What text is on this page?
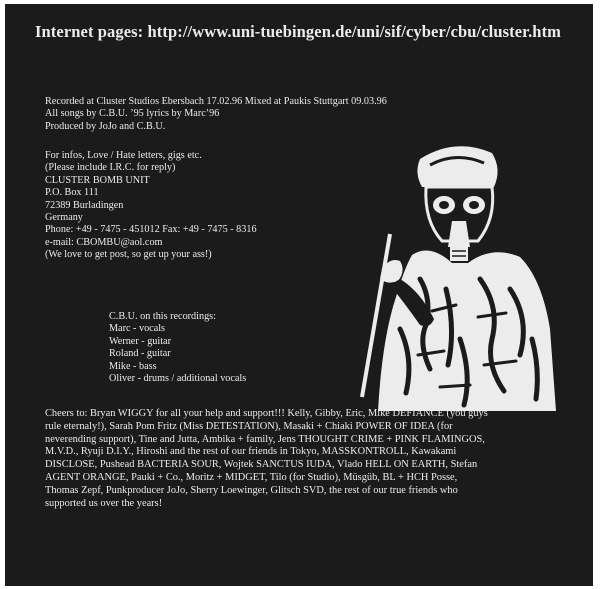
Internet pages: http://www.uni-tuebingen.de/uni/sif/cyber/cbu/cluster.htm
Recorded at Cluster Studios Ebersbach 17.02.96 Mixed at Paukis Stuttgart 09.03.96
All songs by C.B.U. ’95 lyrics by Marc’96
Produced by JoJo and C.B.U.
For infos, Love / Hate letters, gigs etc.
(Please include I.R.C. for reply)
CLUSTER BOMB UNIT
P.O. Box 111
72389 Burladingen
Germany
Phone: +49 - 7475 - 451012 Fax: +49 - 7475 - 8316
e-mail: CBOMBU@aol.com
(We love to get post, so get up your ass!)
C.B.U. on this recordings:
Marc - vocals
Werner - guitar
Roland - guitar
Mike - bass
Oliver - drums / additional vocals
Cheers to: Bryan WIGGY for all your help and support!!! Kelly, Gibby, Eric, Mike DEFIANCE (you guys
rule eternaly!), Sarah Pom Fritz (Miss DETESTATION), Masaki + Chiaki POWER OF IDEA (for
neverending support), Tine and Jutta, Ambika + family, Jens THOUGHT CRIME + PINK FLAMINGOS,
M.V.D., Ryuji D.I.Y., Hiroshi and the rest of our friends in Tokyo, MASSKONTROLL, Kawakami
DISCLOSE, Pushead BACTERIA SOUR, Wojtek SANCTUS IUDA, Vlado HELL ON EARTH, Stefan
AGENT ORANGE, Pauki + Co., Moritz + MIDGET, Tilo (for Studio), Müsgüb, BL + HCH Posse,
Thomas Zepf, Punkproducer JoJo, Sherry Loewinger, Glitsch SVD, the rest of our true friends who
supported us over the years!
